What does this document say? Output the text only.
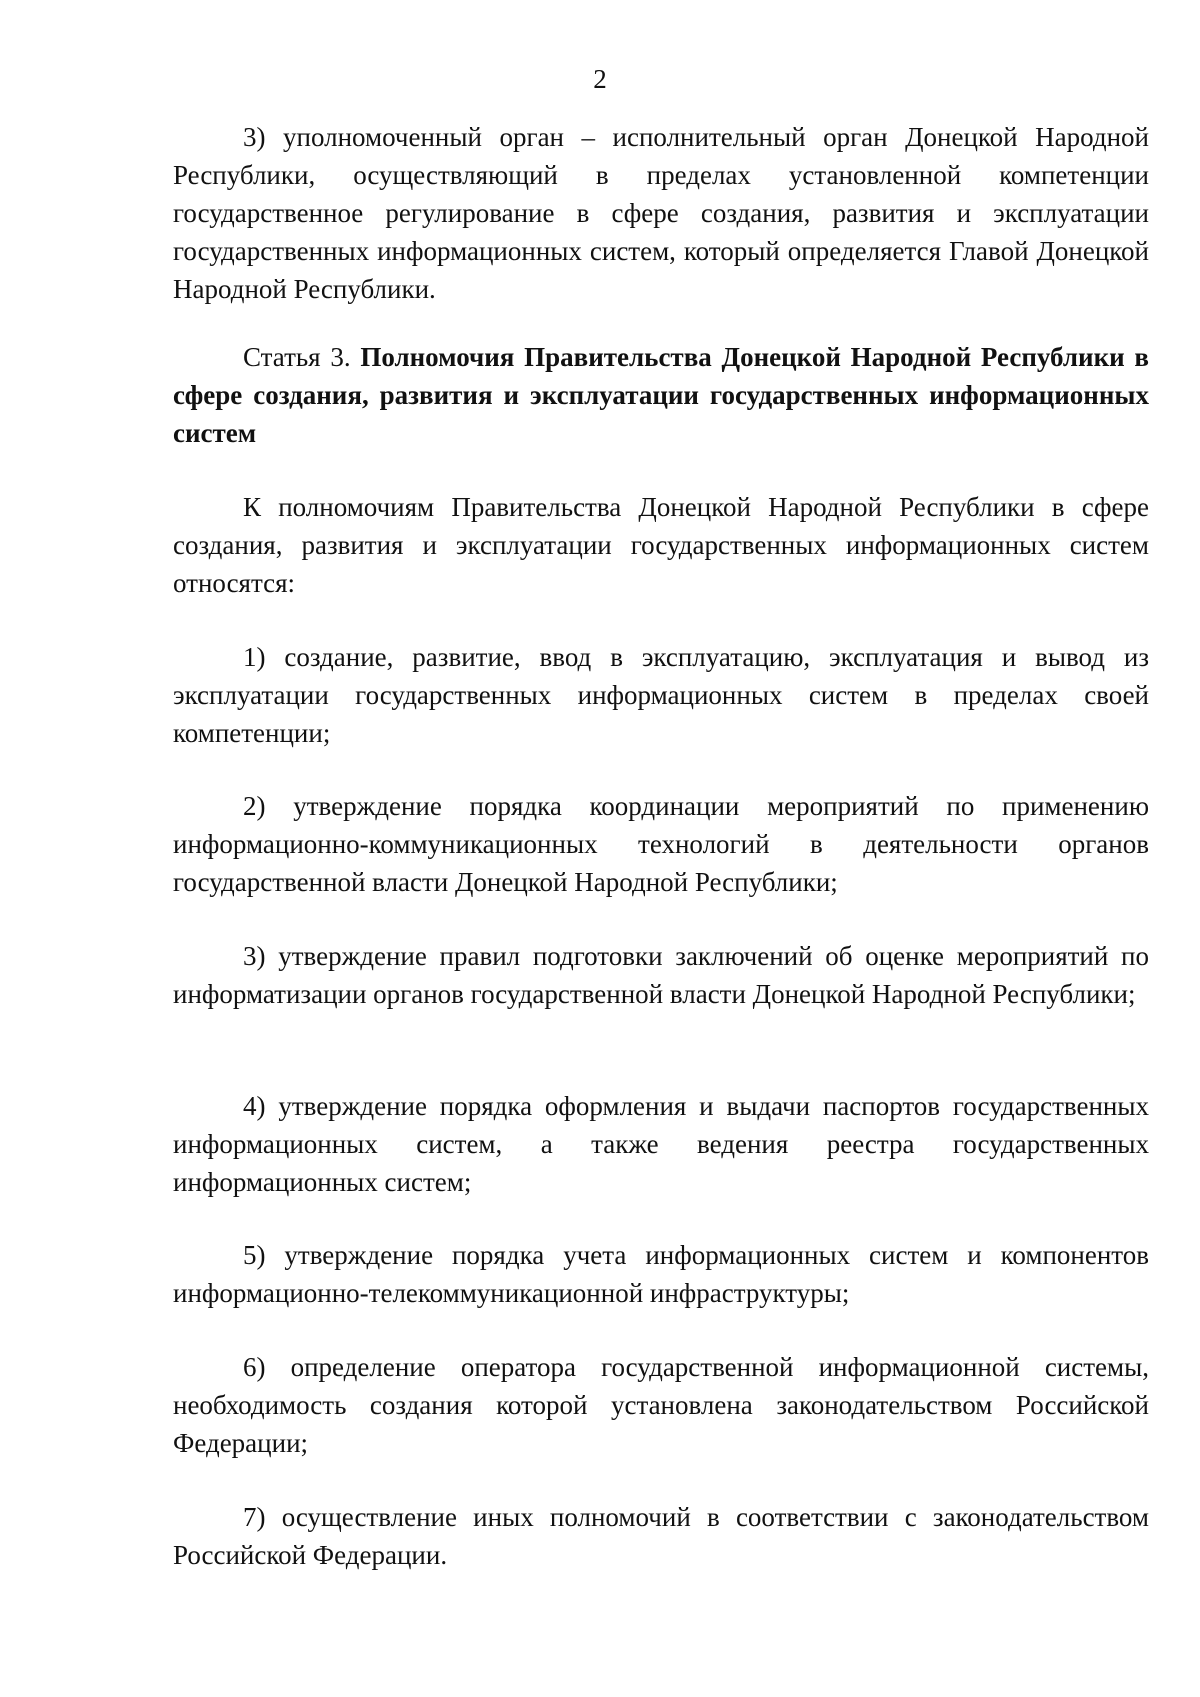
2

3) уполномоченный орган – исполнительный орган Донецкой Народной Республики, осуществляющий в пределах установленной компетенции государственное регулирование в сфере создания, развития и эксплуатации государственных информационных систем, который определяется Главой Донецкой Народной Республики.

Статья 3. Полномочия Правительства Донецкой Народной Республики в сфере создания, развития и эксплуатации государственных информационных систем

К полномочиям Правительства Донецкой Народной Республики в сфере создания, развития и эксплуатации государственных информационных систем относятся:

1) создание, развитие, ввод в эксплуатацию, эксплуатация и вывод из эксплуатации государственных информационных систем в пределах своей компетенции;

2) утверждение порядка координации мероприятий по применению информационно-коммуникационных технологий в деятельности органов государственной власти Донецкой Народной Республики;

3) утверждение правил подготовки заключений об оценке мероприятий по информатизации органов государственной власти Донецкой Народной Республики;

4) утверждение порядка оформления и выдачи паспортов государственных информационных систем, а также ведения реестра государственных информационных систем;

5) утверждение порядка учета информационных систем и компонентов информационно-телекоммуникационной инфраструктуры;

6) определение оператора государственной информационной системы, необходимость создания которой установлена законодательством Российской Федерации;

7) осуществление иных полномочий в соответствии с законодательством Российской Федерации.
